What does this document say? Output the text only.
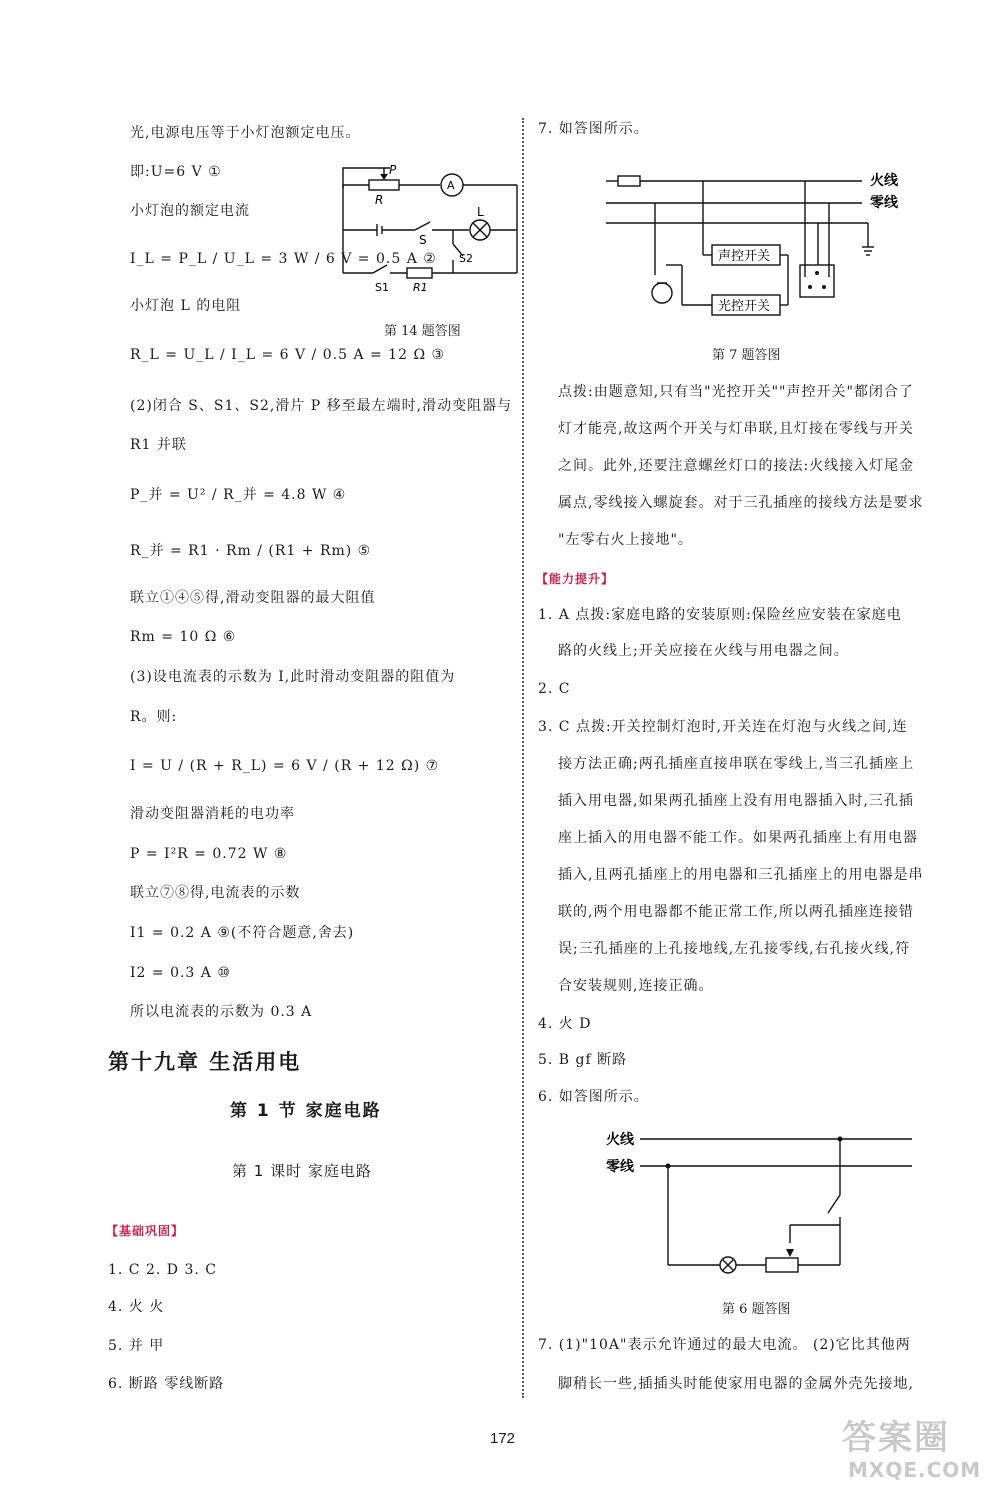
光,电源电压等于小灯泡额定电压。
即:U=6 V ①
小灯泡的额定电流
I_L = P_L / U_L = 3 W / 6 V = 0.5 A ②
小灯泡 L 的电阻
R_L = U_L / I_L = 6 V / 0.5 A = 12 Ω ③
(2)闭合 S、S1、S2,滑片 P 移至最左端时,滑动变阻器与
R1 并联
P_并 = U² / R_并 = 4.8 W ④
R_并 = R1 · Rm / (R1 + Rm) ⑤
联立①④⑤得,滑动变阻器的最大阻值
Rm = 10 Ω ⑥
(3)设电流表的示数为 I,此时滑动变阻器的阻值为
R。则:
I = U / (R + R_L) = 6 V / (R + 12 Ω) ⑦
滑动变阻器消耗的电功率
P = I²R = 0.72 W ⑧
联立⑦⑧得,电流表的示数
I1 = 0.2 A ⑨(不符合题意,舍去)
I2 = 0.3 A ⑩
所以电流表的示数为 0.3 A
P
R
A
L
S
S2
S1 R1
第 14 题答图
第十九章 生活用电
第 1 节 家庭电路
第 1 课时 家庭电路
【基础巩固】
1. C 2. D 3. C
4. 火 火
5. 并 甲
6. 断路 零线断路
7. 如答图所示。
火线
零线
声控开关
光控开关
第 7 题答图
点拨:由题意知,只有当"光控开关""声控开关"都闭合了
灯才能亮,故这两个开关与灯串联,且灯接在零线与开关
之间。此外,还要注意螺丝灯口的接法:火线接入灯尾金
属点,零线接入螺旋套。对于三孔插座的接线方法是要求
"左零右火上接地"。
【能力提升】
1. A 点拨:家庭电路的安装原则:保险丝应安装在家庭电
路的火线上;开关应接在火线与用电器之间。
2. C
3. C 点拨:开关控制灯泡时,开关连在灯泡与火线之间,连
接方法正确;两孔插座直接串联在零线上,当三孔插座上
插入用电器,如果两孔插座上没有用电器插入时,三孔插
座上插入的用电器不能工作。如果两孔插座上有用电器
插入,且两孔插座上的用电器和三孔插座上的用电器是串
联的,两个用电器都不能正常工作,所以两孔插座连接错
误;三孔插座的上孔接地线,左孔接零线,右孔接火线,符
合安装规则,连接正确。
4. 火 D
5. B gf 断路
6. 如答图所示。
火线
零线
第 6 题答图
7. (1)"10A"表示允许通过的最大电流。 (2)它比其他两
脚稍长一些,插插头时能使家用电器的金属外壳先接地,
172	答案圈
MXQE.COM
